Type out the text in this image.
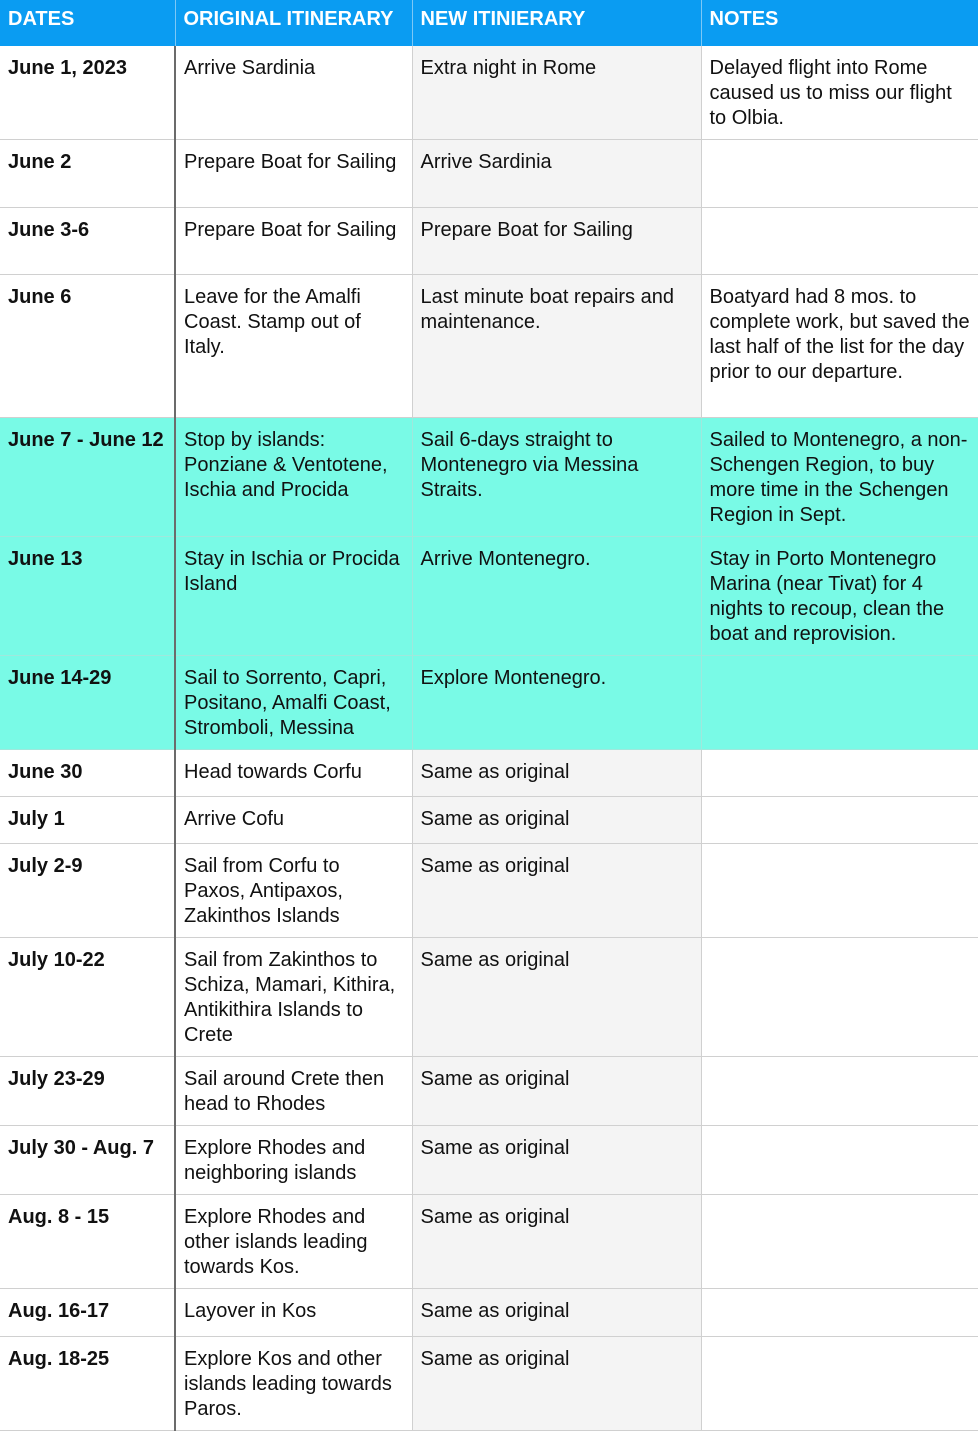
DATES	ORIGINAL ITINERARY	NEW ITINIERARY	NOTES
June 1, 2023	Arrive Sardinia	Extra night in Rome	Delayed flight into Rome caused us to miss our flight to Olbia.
June 2	Prepare Boat for Sailing	Arrive Sardinia	
June 3-6	Prepare Boat for Sailing	Prepare Boat for Sailing	
June 6	Leave for the Amalfi Coast. Stamp out of Italy.	Last minute boat repairs and maintenance.	Boatyard had 8 mos. to complete work, but saved the last half of the list for the day prior to our departure.
June 7 - June 12	Stop by islands: Ponziane & Ventotene, Ischia and Procida	Sail 6-days straight to Montenegro via Messina Straits.	Sailed to Montenegro, a non-Schengen Region, to buy more time in the Schengen Region in Sept.
June 13	Stay in Ischia or Procida Island	Arrive Montenegro.	Stay in Porto Montenegro Marina (near Tivat) for 4 nights to recoup, clean the boat and reprovision.
June 14-29	Sail to Sorrento, Capri, Positano, Amalfi Coast, Stromboli, Messina	Explore Montenegro.	
June 30	Head towards Corfu	Same as original	
July 1	Arrive Cofu	Same as original	
July 2-9	Sail from Corfu to Paxos, Antipaxos, Zakinthos Islands	Same as original	
July 10-22	Sail from Zakinthos to Schiza, Mamari, Kithira, Antikithira Islands to Crete	Same as original	
July 23-29	Sail around Crete then head to Rhodes	Same as original	
July 30 - Aug. 7	Explore Rhodes and neighboring islands	Same as original	
Aug. 8 - 15	Explore Rhodes and other islands leading towards Kos.	Same as original	
Aug. 16-17	Layover in Kos	Same as original	
Aug. 18-25	Explore Kos and other islands leading towards Paros.	Same as original	
